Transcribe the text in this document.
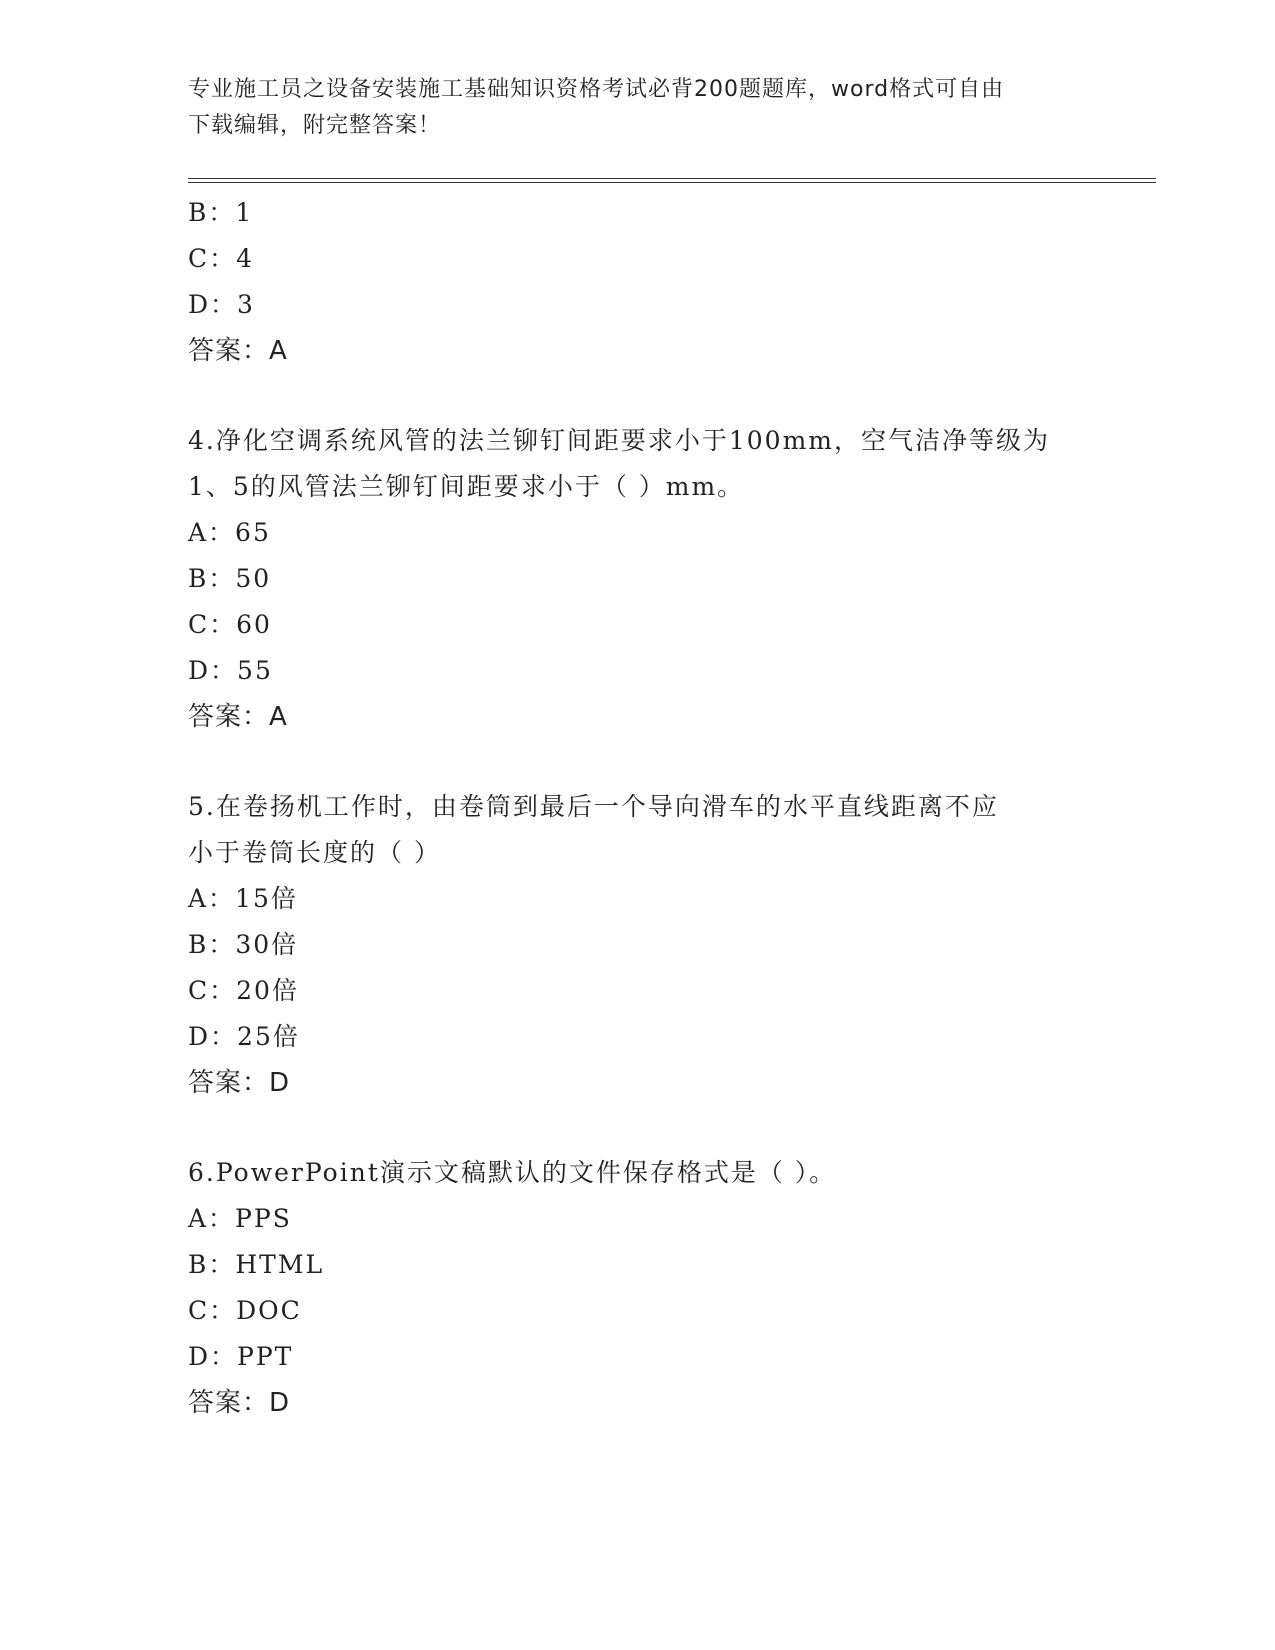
专业施工员之设备安装施工基础知识资格考试必背200题题库，word格式可自由
下载编辑，附完整答案！
B：1
C：4
D：3
答案：A
4.净化空调系统风管的法兰铆钉间距要求小于100mm，空气洁净等级为
1、5的风管法兰铆钉间距要求小于（ ）mm。
A：65
B：50
C：60
D：55
答案：A
5.在卷扬机工作时，由卷筒到最后一个导向滑车的水平直线距离不应
小于卷筒长度的（ ）
A：15倍
B：30倍
C：20倍
D：25倍
答案：D
6.PowerPoint演示文稿默认的文件保存格式是（ ）。
A：PPS
B：HTML
C：DOC
D：PPT
答案：D
